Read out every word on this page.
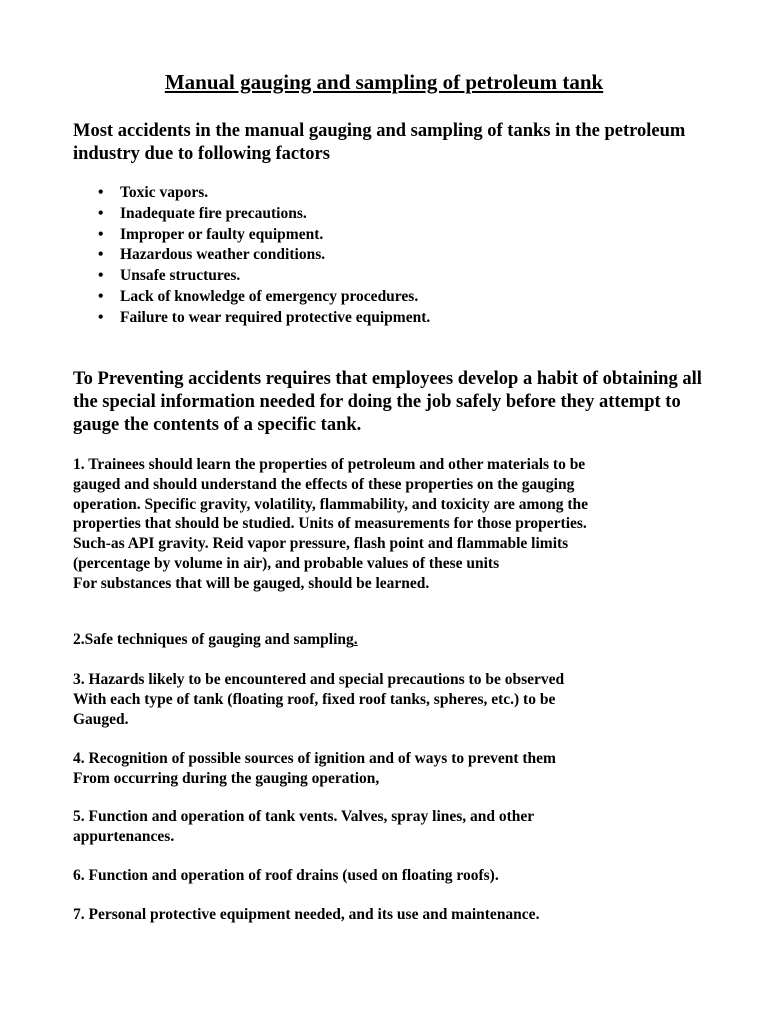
Manual gauging and sampling of petroleum tank

Most accidents in the manual gauging and sampling of tanks in the petroleum industry due to following factors

• Toxic vapors.
• Inadequate fire precautions.
• Improper or faulty equipment.
• Hazardous weather conditions.
• Unsafe structures.
• Lack of knowledge of emergency procedures.
• Failure to wear required protective equipment.

To Preventing accidents requires that employees develop a habit of obtaining all the special information needed for doing the job safely before they attempt to gauge the contents of a specific tank.

1. Trainees should learn the properties of petroleum and other materials to be
gauged and should understand the effects of these properties on the gauging
operation. Specific gravity, volatility, flammability, and toxicity are among the
properties that should be studied. Units of measurements for those properties.
Such-as API gravity. Reid vapor pressure, flash point and flammable limits
(percentage by volume in air), and probable values of these units
For substances that will be gauged, should be learned.
2.Safe techniques of gauging and sampling.
3. Hazards likely to be encountered and special precautions to be observed
With each type of tank (floating roof, fixed roof tanks, spheres, etc.) to be
Gauged.
4. Recognition of possible sources of ignition and of ways to prevent them
From occurring during the gauging operation,
5. Function and operation of tank vents. Valves, spray lines, and other
appurtenances.
6. Function and operation of roof drains (used on floating roofs).
7. Personal protective equipment needed, and its use and maintenance.
